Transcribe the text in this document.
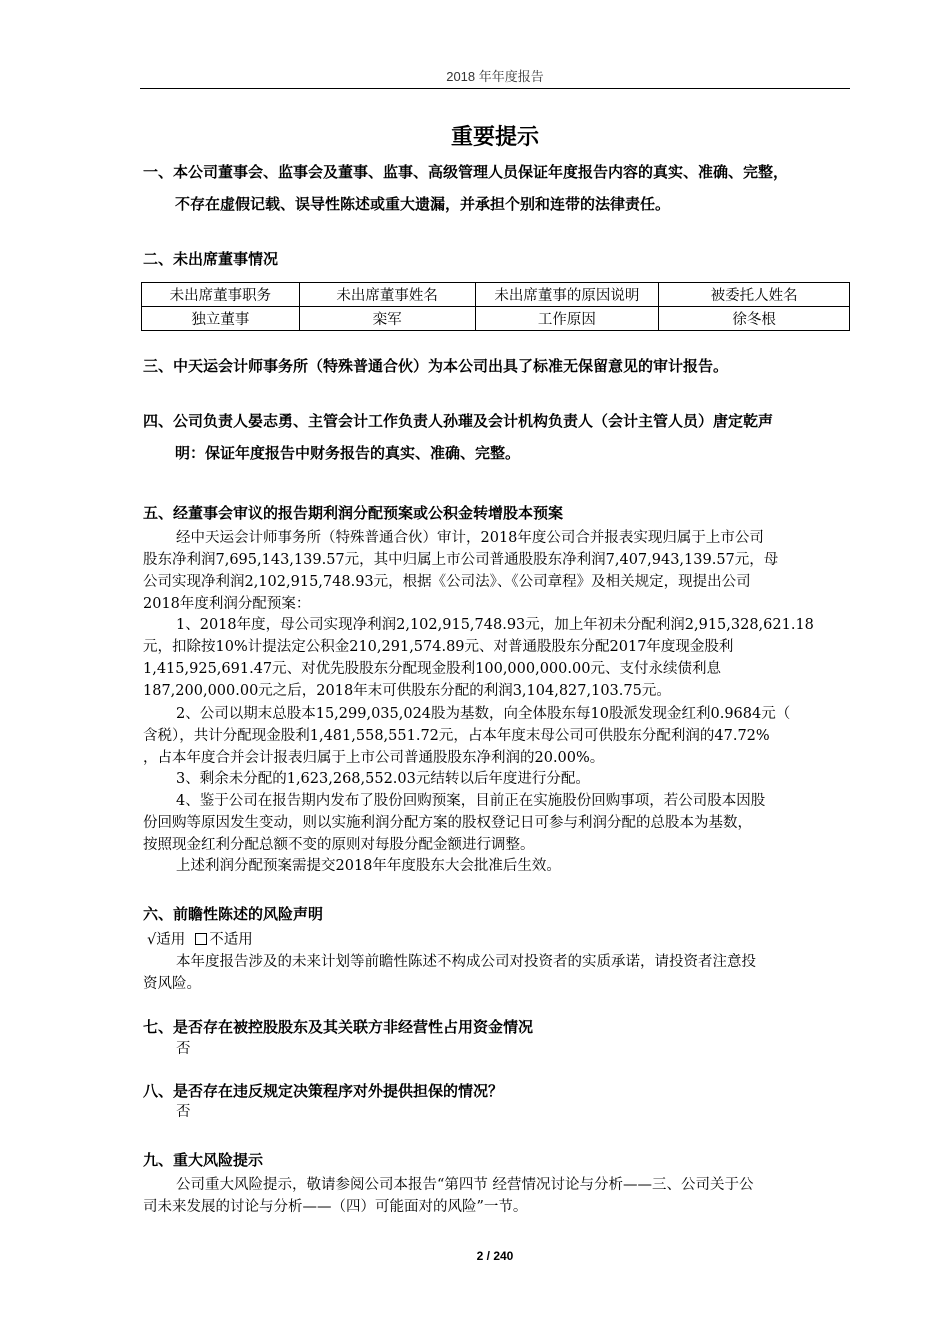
2018 年年度报告
重要提示
一、本公司董事会、监事会及董事、监事、高级管理人员保证年度报告内容的真实、准确、完整，
不存在虚假记载、误导性陈述或重大遗漏，并承担个别和连带的法律责任。
二、未出席董事情况
未出席董事职务	未出席董事姓名	未出席董事的原因说明	被委托人姓名
独立董事	栾军	工作原因	徐冬根
三、中天运会计师事务所（特殊普通合伙）为本公司出具了标准无保留意见的审计报告。
四、公司负责人晏志勇、主管会计工作负责人孙璀及会计机构负责人（会计主管人员）唐定乾声
明：保证年度报告中财务报告的真实、准确、完整。
五、经董事会审议的报告期利润分配预案或公积金转增股本预案
经中天运会计师事务所（特殊普通合伙）审计，2018年度公司合并报表实现归属于上市公司
股东净利润7,695,143,139.57元，其中归属上市公司普通股股东净利润7,407,943,139.57元，母
公司实现净利润2,102,915,748.93元，根据《公司法》、《公司章程》及相关规定，现提出公司
2018年度利润分配预案：
1、2018年度，母公司实现净利润2,102,915,748.93元，加上年初未分配利润2,915,328,621.18
元，扣除按10%计提法定公积金210,291,574.89元、对普通股股东分配2017年度现金股利
1,415,925,691.47元、对优先股股东分配现金股利100,000,000.00元、支付永续债利息
187,200,000.00元之后，2018年末可供股东分配的利润3,104,827,103.75元。
2、公司以期末总股本15,299,035,024股为基数，向全体股东每10股派发现金红利0.9684元（
含税），共计分配现金股利1,481,558,551.72元，占本年度末母公司可供股东分配利润的47.72%
，占本年度合并会计报表归属于上市公司普通股股东净利润的20.00%。
3、剩余未分配的1,623,268,552.03元结转以后年度进行分配。
4、鉴于公司在报告期内发布了股份回购预案，目前正在实施股份回购事项，若公司股本因股
份回购等原因发生变动，则以实施利润分配方案的股权登记日可参与利润分配的总股本为基数，
按照现金红利分配总额不变的原则对每股分配金额进行调整。
上述利润分配预案需提交2018年年度股东大会批准后生效。
六、前瞻性陈述的风险声明
√适用 不适用
本年度报告涉及的未来计划等前瞻性陈述不构成公司对投资者的实质承诺，请投资者注意投
资风险。
七、是否存在被控股股东及其关联方非经营性占用资金情况
否
八、是否存在违反规定决策程序对外提供担保的情况？
否
九、重大风险提示
公司重大风险提示，敬请参阅公司本报告“第四节 经营情况讨论与分析——三、公司关于公
司未来发展的讨论与分析——（四）可能面对的风险”一节。
2 / 240
